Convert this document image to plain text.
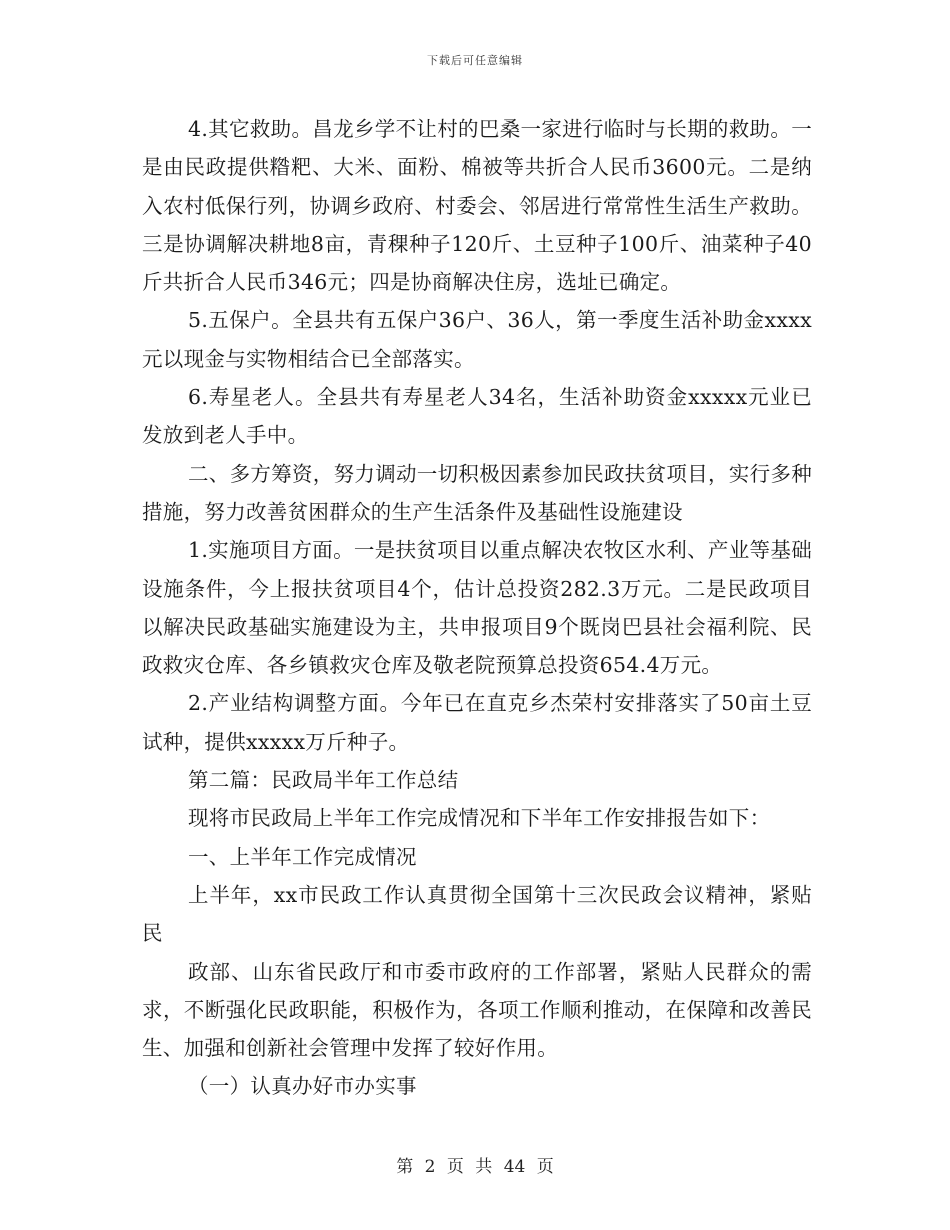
下载后可任意编辑

4.其它救助。昌龙乡学不让村的巴桑一家进行临时与长期的救助。一是由民政提供糌粑、大米、面粉、棉被等共折合人民币3600元。二是纳入农村低保行列，协调乡政府、村委会、邻居进行常常性生活生产救助。三是协调解决耕地8亩，青稞种子120斤、土豆种子100斤、油菜种子40斤共折合人民币346元；四是协商解决住房，选址已确定。

5.五保户。全县共有五保户36户、36人，第一季度生活补助金xxxx元以现金与实物相结合已全部落实。

6.寿星老人。全县共有寿星老人34名，生活补助资金xxxxx元业已发放到老人手中。

二、多方筹资，努力调动一切积极因素参加民政扶贫项目，实行多种措施，努力改善贫困群众的生产生活条件及基础性设施建设

1.实施项目方面。一是扶贫项目以重点解决农牧区水利、产业等基础设施条件，今上报扶贫项目4个，估计总投资282.3万元。二是民政项目以解决民政基础实施建设为主，共申报项目9个既岗巴县社会福利院、民政救灾仓库、各乡镇救灾仓库及敬老院预算总投资654.4万元。

2.产业结构调整方面。今年已在直克乡杰荣村安排落实了50亩土豆试种，提供xxxxx万斤种子。

第二篇：民政局半年工作总结

现将市民政局上半年工作完成情况和下半年工作安排报告如下：

一、上半年工作完成情况

上半年，xx市民政工作认真贯彻全国第十三次民政会议精神，紧贴民

政部、山东省民政厅和市委市政府的工作部署，紧贴人民群众的需求，不断强化民政职能，积极作为，各项工作顺利推动，在保障和改善民生、加强和创新社会管理中发挥了较好作用。

（一）认真办好市办实事

第 2 页 共 44 页
